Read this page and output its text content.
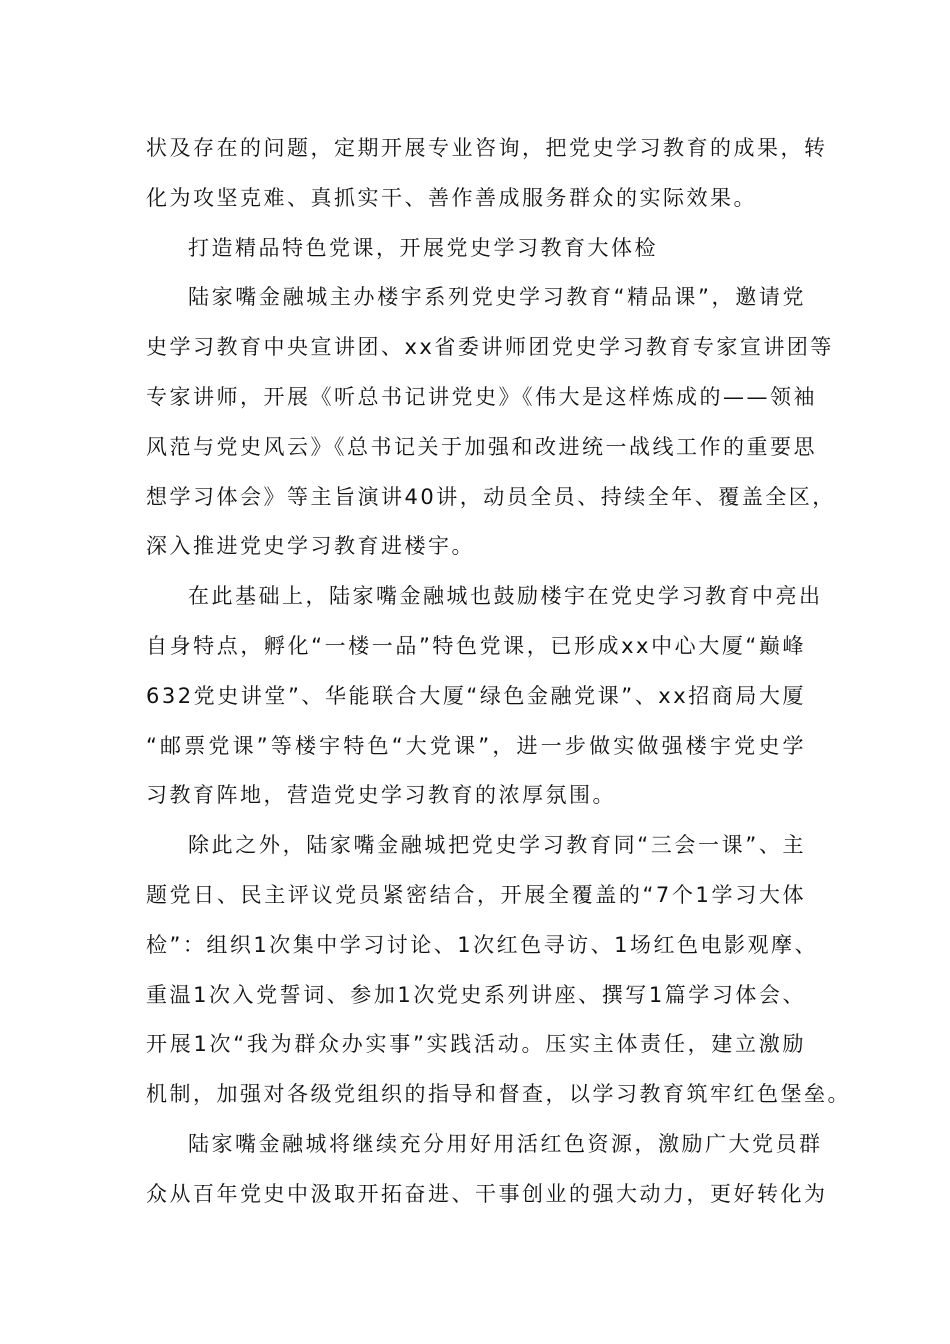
状及存在的问题，定期开展专业咨询，把党史学习教育的成果，转
化为攻坚克难、真抓实干、善作善成服务群众的实际效果。
打造精品特色党课，开展党史学习教育大体检
陆家嘴金融城主办楼宇系列党史学习教育“精品课”，邀请党
史学习教育中央宣讲团、xx省委讲师团党史学习教育专家宣讲团等
专家讲师，开展《听总书记讲党史》《伟大是这样炼成的——领袖
风范与党史风云》《总书记关于加强和改进统一战线工作的重要思
想学习体会》等主旨演讲40讲，动员全员、持续全年、覆盖全区，
深入推进党史学习教育进楼宇。
在此基础上，陆家嘴金融城也鼓励楼宇在党史学习教育中亮出
自身特点，孵化“一楼一品”特色党课，已形成xx中心大厦“巅峰
632党史讲堂”、华能联合大厦“绿色金融党课”、xx招商局大厦
“邮票党课”等楼宇特色“大党课”，进一步做实做强楼宇党史学
习教育阵地，营造党史学习教育的浓厚氛围。
除此之外，陆家嘴金融城把党史学习教育同“三会一课”、主
题党日、民主评议党员紧密结合，开展全覆盖的“7个1学习大体
检”：组织1次集中学习讨论、1次红色寻访、1场红色电影观摩、
重温1次入党誓词、参加1次党史系列讲座、撰写1篇学习体会、
开展1次“我为群众办实事”实践活动。压实主体责任，建立激励
机制，加强对各级党组织的指导和督查，以学习教育筑牢红色堡垒。
陆家嘴金融城将继续充分用好用活红色资源，激励广大党员群
众从百年党史中汲取开拓奋进、干事创业的强大动力，更好转化为
